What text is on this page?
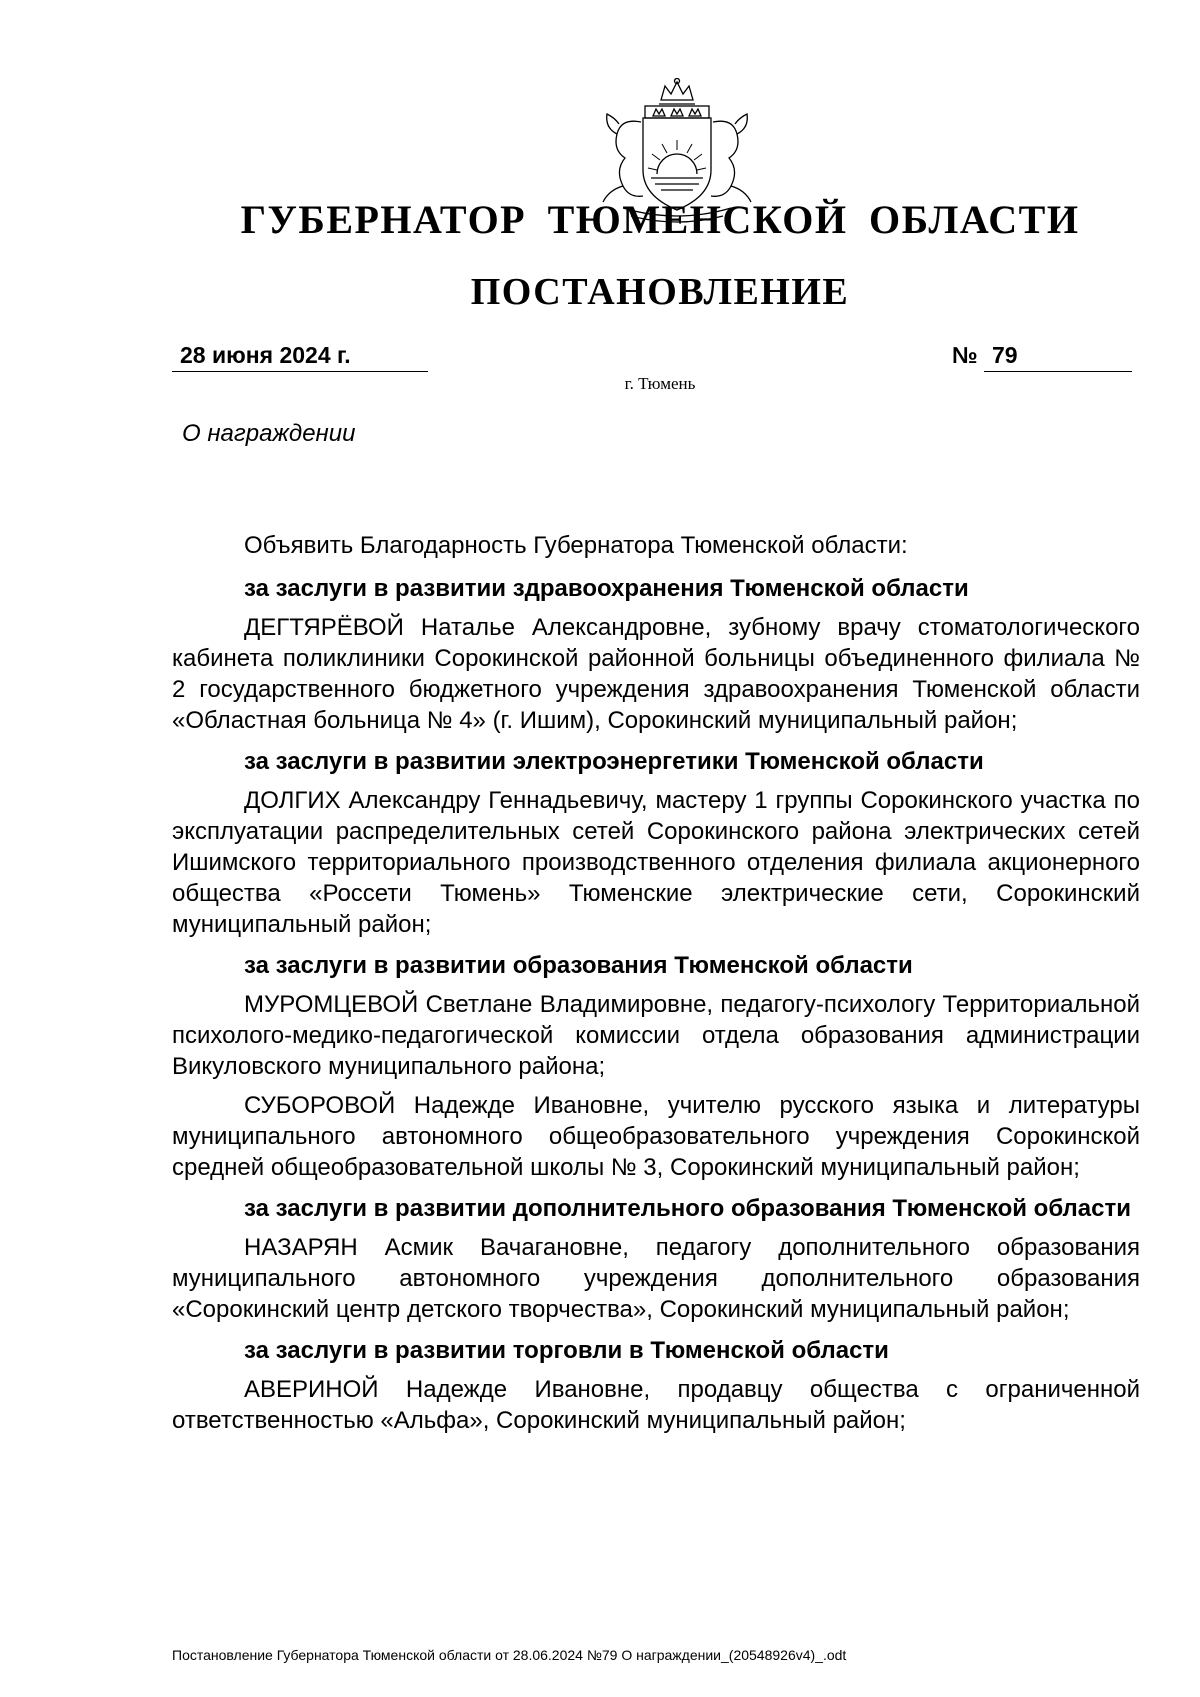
ГУБЕРНАТОР ТЮМЕНСКОЙ ОБЛАСТИ
ПОСТАНОВЛЕНИЕ
28 июня 2024 г.	№ 79
г. Тюмень
О награждении

Объявить Благодарность Губернатора Тюменской области:

за заслуги в развитии здравоохранения Тюменской области

ДЕГТЯРЁВОЙ Наталье Александровне, зубному врачу стоматологического кабинета поликлиники Сорокинской районной больницы объединенного филиала № 2 государственного бюджетного учреждения здравоохранения Тюменской области «Областная больница № 4» (г. Ишим), Сорокинский муниципальный район;

за заслуги в развитии электроэнергетики Тюменской области

ДОЛГИХ Александру Геннадьевичу, мастеру 1 группы Сорокинского участка по эксплуатации распределительных сетей Сорокинского района электрических сетей Ишимского территориального производственного отделения филиала акционерного общества «Россети Тюмень» Тюменские электрические сети, Сорокинский муниципальный район;

за заслуги в развитии образования Тюменской области

МУРОМЦЕВОЙ Светлане Владимировне, педагогу-психологу Территориальной психолого-медико-педагогической комиссии отдела образования администрации Викуловского муниципального района;

СУБОРОВОЙ Надежде Ивановне, учителю русского языка и литературы муниципального автономного общеобразовательного учреждения Сорокинской средней общеобразовательной школы № 3, Сорокинский муниципальный район;

за заслуги в развитии дополнительного образования Тюменской области

НАЗАРЯН Асмик Вачагановне, педагогу дополнительного образования муниципального автономного учреждения дополнительного образования «Сорокинский центр детского творчества», Сорокинский муниципальный район;

за заслуги в развитии торговли в Тюменской области

АВЕРИНОЙ Надежде Ивановне, продавцу общества с ограниченной ответственностью «Альфа», Сорокинский муниципальный район;

Постановление Губернатора Тюменской области от 28.06.2024 №79 О награждении_(20548926v4)_.odt
